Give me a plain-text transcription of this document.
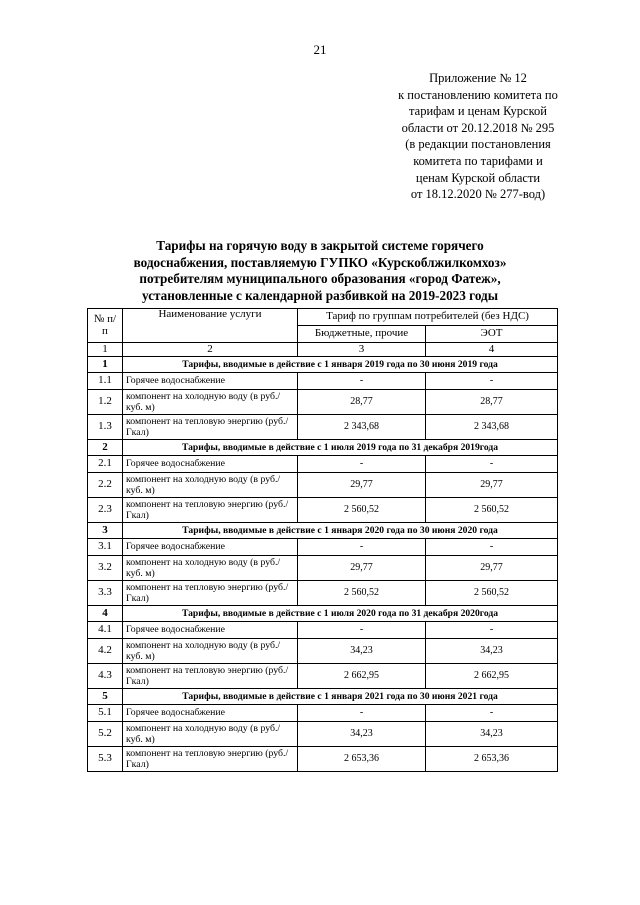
21
Приложение № 12
к постановлению комитета по
тарифам и ценам Курской
области от 20.12.2018 № 295
(в редакции постановления
комитета по тарифами и
ценам Курской области
от 18.12.2020 № 277-вод)
Тарифы на горячую воду в закрытой системе горячего
водоснабжения, поставляемую ГУПКО «Курскоблжилкомхоз»
потребителям муниципального образования «город Фатеж»,
установленные с календарной разбивкой на 2019-2023 годы
№ п/п	Наименование услуги	Тариф по группам потребителей (без НДС)	
		Бюджетные, прочие	ЭОТ
1	2	3	4
1	Тарифы, вводимые в действие с 1 января 2019 года по 30 июня 2019 года		
1.1	Горячее водоснабжение	-	-
1.2	компонент на холодную воду (в руб./куб. м)	28,77	28,77
1.3	компонент на тепловую энергию (руб./Гкал)	2 343,68	2 343,68
2	Тарифы, вводимые в действие с 1 июля 2019 года по 31 декабря 2019года		
2.1	Горячее водоснабжение	-	-
2.2	компонент на холодную воду (в руб./куб. м)	29,77	29,77
2.3	компонент на тепловую энергию (руб./Гкал)	2 560,52	2 560,52
3	Тарифы, вводимые в действие с 1 января 2020 года по 30 июня 2020 года		
3.1	Горячее водоснабжение	-	-
3.2	компонент на холодную воду (в руб./куб. м)	29,77	29,77
3.3	компонент на тепловую энергию (руб./Гкал)	2 560,52	2 560,52
4	Тарифы, вводимые в действие с 1 июля 2020 года по 31 декабря 2020года		
4.1	Горячее водоснабжение	-	-
4.2	компонент на холодную воду (в руб./куб. м)	34,23	34,23
4.3	компонент на тепловую энергию (руб./Гкал)	2 662,95	2 662,95
5	Тарифы, вводимые в действие с 1 января 2021 года по 30 июня 2021 года		
5.1	Горячее водоснабжение	-	-
5.2	компонент на холодную воду (в руб./куб. м)	34,23	34,23
5.3	компонент на тепловую энергию (руб./Гкал)	2 653,36	2 653,36
